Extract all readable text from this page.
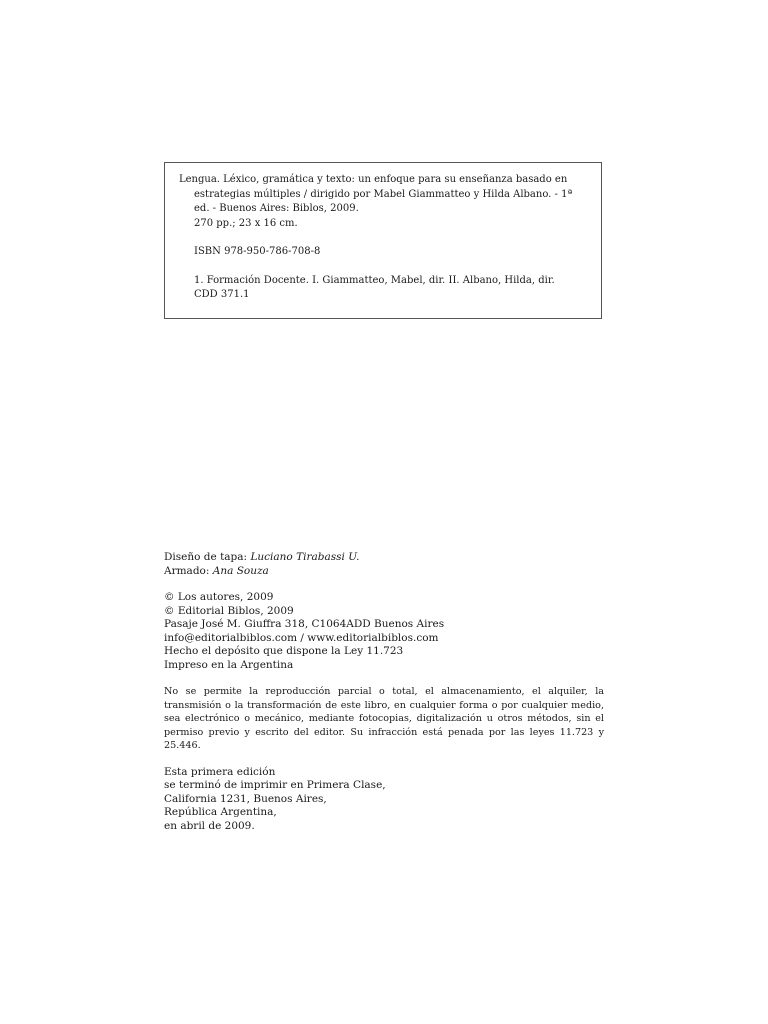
Lengua. Léxico, gramática y texto: un enfoque para su enseñanza basado en estrategias múltiples / dirigido por Mabel Giammatteo y Hilda Albano. - 1ª ed. - Buenos Aires: Biblos, 2009.

270 pp.; 23 x 16 cm.

ISBN 978-950-786-708-8

1. Formación Docente. I. Giammatteo, Mabel, dir. II. Albano, Hilda, dir.

CDD 371.1

Diseño de tapa: Luciano Tirabassi U.

Armado: Ana Souza

© Los autores, 2009

© Editorial Biblos, 2009

Pasaje José M. Giuffra 318, C1064ADD Buenos Aires

info@editorialbiblos.com / www.editorialbiblos.com

Hecho el depósito que dispone la Ley 11.723

Impreso en la Argentina

No se permite la reproducción parcial o total, el almacenamiento, el alquiler, la transmisión o la transformación de este libro, en cualquier forma o por cualquier medio, sea electrónico o mecánico, mediante fotocopias, digitalización u otros métodos, sin el permiso previo y escrito del editor. Su infracción está penada por las leyes 11.723 y 25.446.

Esta primera edición

se terminó de imprimir en Primera Clase,

California 1231, Buenos Aires,

República Argentina,

en abril de 2009.
